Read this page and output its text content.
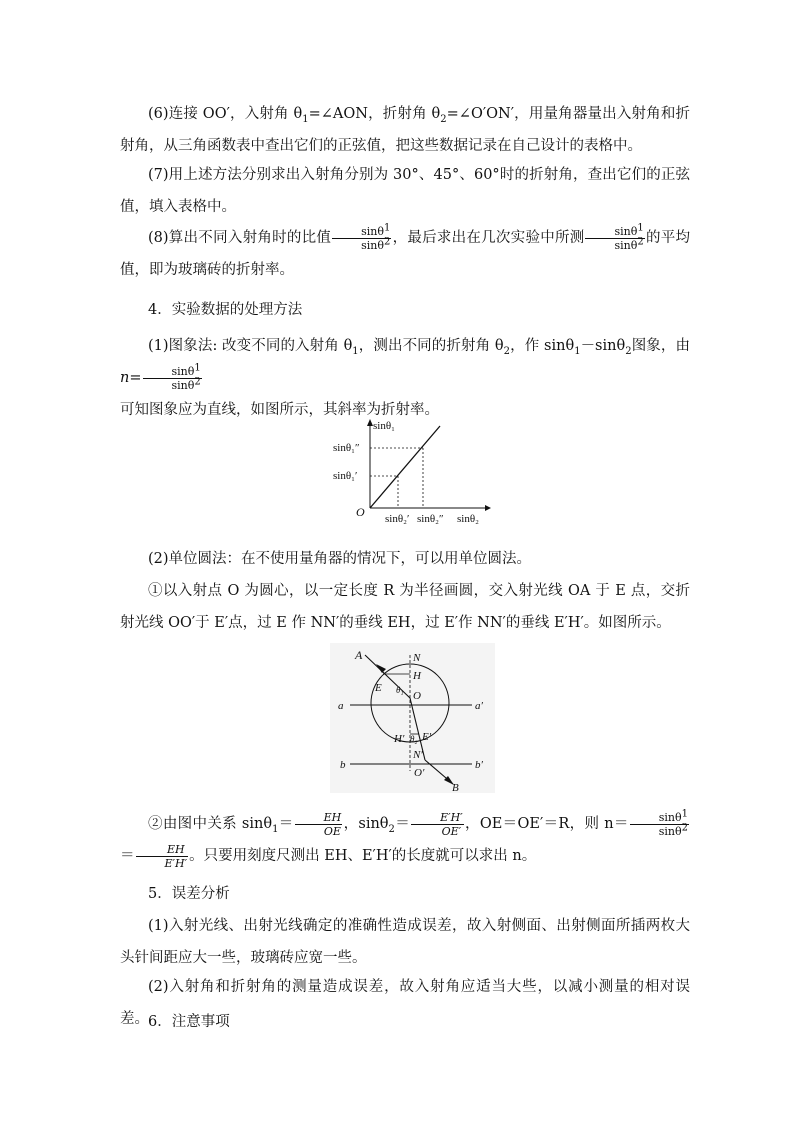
(6)连接 OO′，入射角 $\theta_1=\angle AON$，折射角 $\theta_2=\angle O'ON'$，用量角器量出入射角和折射角，从三角函数表中查出它们的正弦值，把这些数据记录在自己设计的表格中。

(7)用上述方法分别求出入射角分别为 30°、45°、60°时的折射角，查出它们的正弦值，填入表格中。

(8)算出不同入射角时的比值 $\frac{\sin\theta^1}{\sin\theta^2}$ ，最后求出在几次实验中所测 $\frac{\sin\theta^1}{\sin\theta^2}$ 的平均值，即为玻璃砖的折射率。

4．实验数据的处理方法

(1)图象法: 改变不同的入射角 $\theta_1$，测出不同的折射角 $\theta_2$，作 sinθ$_1$－sinθ$_2$图象，由 $n= \frac{\sin\theta^1}{\sin\theta^2}$

可知图象应为直线，如图所示，其斜率为折射率。

sinθ₁
sinθ₁″
sinθ₁′
O sinθ₂′ sinθ₂″ sinθ₂

(2)单位圆法：在不使用量角器的情况下，可以用单位圆法。

①以入射点 O 为圆心，以一定长度 R 为半径画圆，交入射光线 OA 于 E 点，交折射光线 OO′于 E′点，过 E 作 NN′的垂线 EH，过 E′作 NN′的垂线 E′H′。如图所示。

A	N
H
E θ₁ O
a	a′
H′ θ₂ E′
N′
b
O′
b′
B

②由图中关系 $\sin\theta_1= \frac{EH}{OE}$ ，$\sin\theta_2= \frac{E'H'}{OE'}$ ，OE＝OE′＝R，则 $n= \frac{\sin\theta^1}{\sin\theta^2}$
＝ $\frac{EH}{E'H'}$ 。只要用刻度尺测出 EH、E′H′的长度就可以求出 n。

5．误差分析

(1)入射光线、出射光线确定的准确性造成误差，故入射侧面、出射侧面所插两枚大头针间距应大一些，玻璃砖应宽一些。

(2)入射角和折射角的测量造成误差，故入射角应适当大些，以减小测量的相对误差。 6．注意事项
